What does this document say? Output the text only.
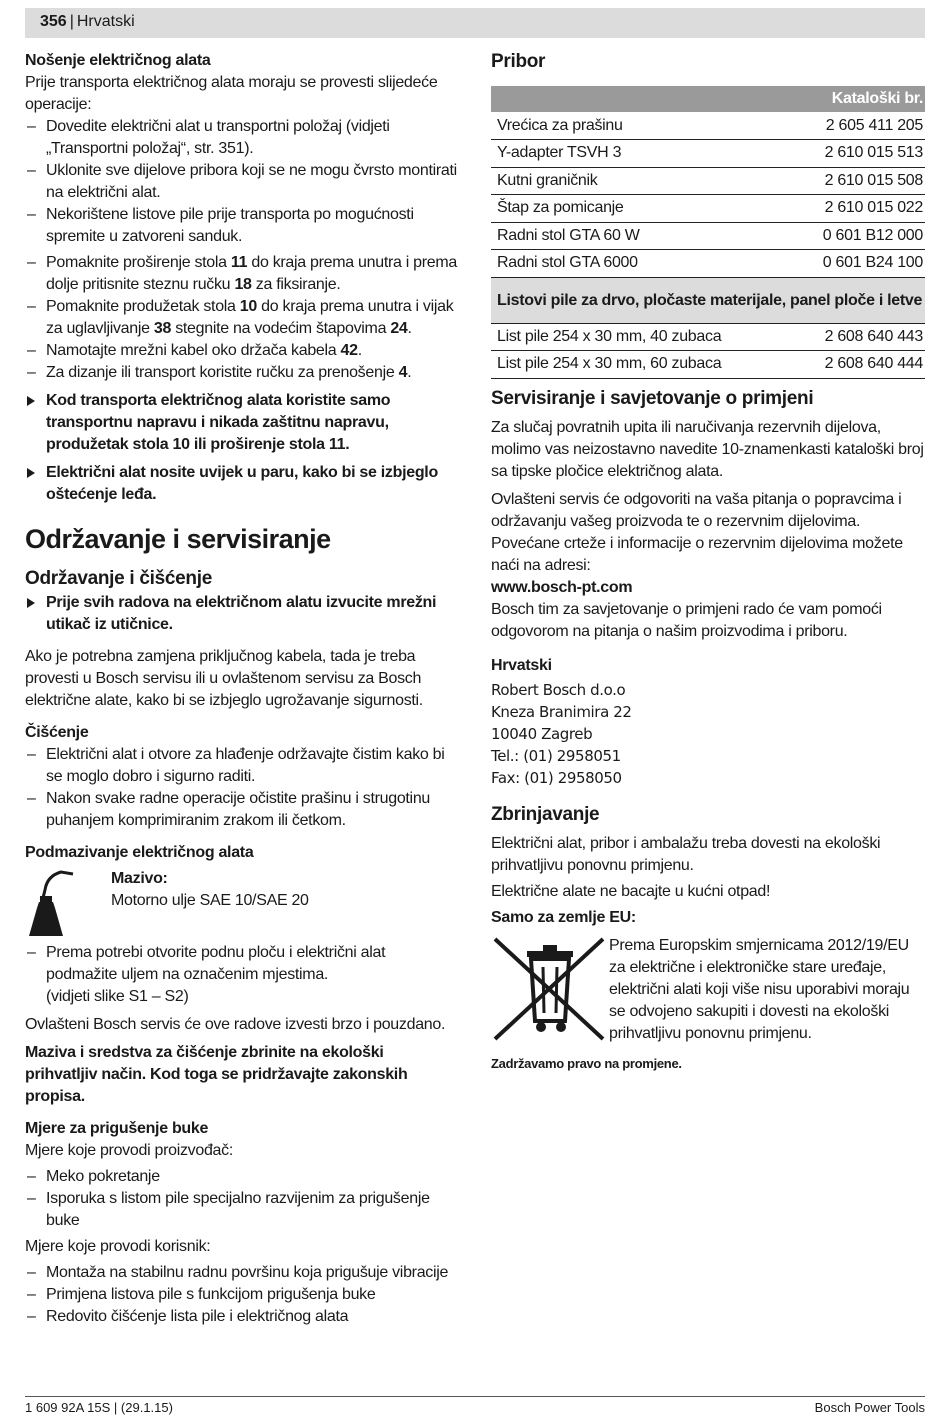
356 | Hrvatski
Nošenje električnog alata

Prije transporta električnog alata moraju se provesti slijedeće operacije:

– Dovedite električni alat u transportni položaj (vidjeti „Transportni položaj“, str. 351).
– Uklonite sve dijelove pribora koji se ne mogu čvrsto montirati na električni alat.
– Nekorištene listove pile prije transporta po mogućnosti spremite u zatvoreni sanduk.
– Pomaknite proširenje stola 11 do kraja prema unutra i prema dolje pritisnite steznu ručku 18 za fiksiranje.
– Pomaknite produžetak stola 10 do kraja prema unutra i vijak za uglavljivanje 38 stegnite na vodećim štapovima 24.
– Namotajte mrežni kabel oko držača kabela 42.
– Za dizanje ili transport koristite ručku za prenošenje 4.
Kod transporta električnog alata koristite samo transportnu napravu i nikada zaštitnu napravu, produžetak stola 10 ili proširenje stola 11.
Električni alat nosite uvijek u paru, kako bi se izbjeglo oštećenje leđa.
Održavanje i servisiranje
Održavanje i čišćenje
Prije svih radova na električnom alatu izvucite mrežni utikač iz utičnice.

Ako je potrebna zamjena priključnog kabela, tada je treba provesti u Bosch servisu ili u ovlaštenom servisu za Bosch električne alate, kako bi se izbjeglo ugrožavanje sigurnosti.

Čišćenje
– Električni alat i otvore za hlađenje održavajte čistim kako bi se moglo dobro i sigurno raditi.
– Nakon svake radne operacije očistite prašinu i strugotinu puhanjem komprimiranim zrakom ili četkom.
Podmazivanje električnog alata
Mazivo:
Motorno ulje SAE 10/SAE 20
– Prema potrebi otvorite podnu ploču i električni alat podmažite uljem na označenim mjestima.
(vidjeti slike S1 – S2)

Ovlašteni Bosch servis će ove radove izvesti brzo i pouzdano.

Maziva i sredstva za čišćenje zbrinite na ekološki prihvatljiv način. Kod toga se pridržavajte zakonskih propisa.

Mjere za prigušenje buke

Mjere koje provodi proizvođač:

– Meko pokretanje
– Isporuka s listom pile specijalno razvijenim za prigušenje buke

Mjere koje provodi korisnik:

– Montaža na stabilnu radnu površinu koja prigušuje vibracije
– Primjena listova pile s funkcijom prigušenja buke
– Redovito čišćenje lista pile i električnog alata
Pribor
Kataloški br.	
Vrećica za prašinu	2 605 411 205
Y-adapter TSVH 3	2 610 015 513
Kutni graničnik	2 610 015 508
Štap za pomicanje	2 610 015 022
Radni stol GTA 60 W	0 601 B12 000
Radni stol GTA 6000	0 601 B24 100
Listovi pile za drvo, pločaste materijale, panel ploče i letve	
List pile 254 x 30 mm, 40 zubaca	2 608 640 443
List pile 254 x 30 mm, 60 zubaca	2 608 640 444
Servisiranje i savjetovanje o primjeni

Za slučaj povratnih upita ili naručivanja rezervnih dijelova, molimo vas neizostavno navedite 10-znamenkasti kataloški broj sa tipske pločice električnog alata.

Ovlašteni servis će odgovoriti na vaša pitanja o popravcima i održavanju vašeg proizvoda te o rezervnim dijelovima. Povećane crteže i informacije o rezervnim dijelovima možete naći na adresi:

www.bosch-pt.com

Bosch tim za savjetovanje o primjeni rado će vam pomoći odgovorom na pitanja o našim proizvodima i priboru.

Hrvatski
Robert Bosch d.o.o
Kneza Branimira 22
10040 Zagreb
Tel.: (01) 2958051
Fax: (01) 2958050
Zbrinjavanje

Električni alat, pribor i ambalažu treba dovesti na ekološki prihvatljivu ponovnu primjenu.

Električne alate ne bacajte u kućni otpad!

Samo za zemlje EU:

Prema Europskim smjernicama 2012/19/EU za električne i elektroničke stare uređaje, električni alati koji više nisu uporabivi moraju se odvojeno sakupiti i dovesti na ekološki prihvatljivu ponovnu primjenu.

Zadržavamo pravo na promjene.
1 609 92A 15S | (29.1.15)	Bosch Power Tools
